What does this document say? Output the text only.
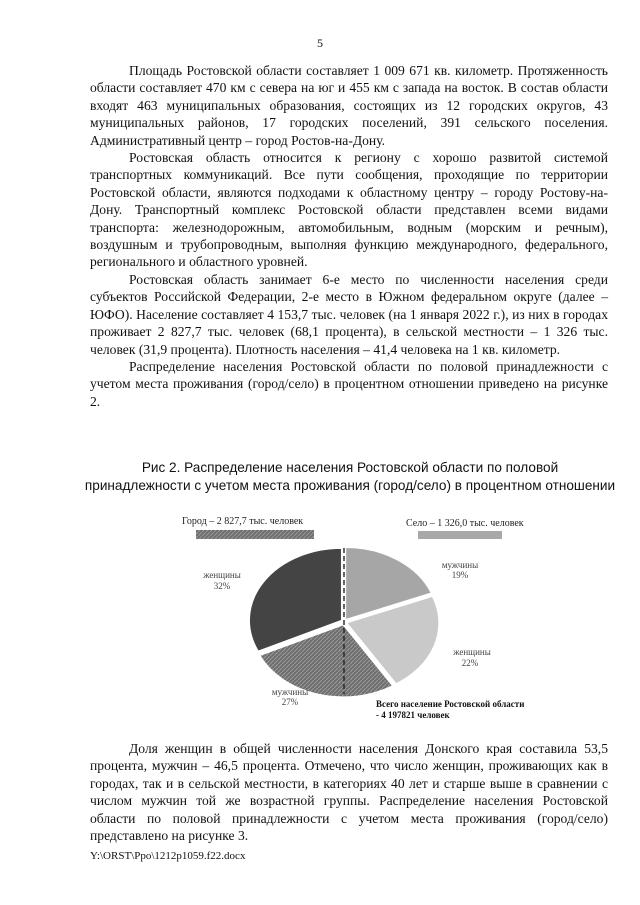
5

Площадь Ростовской области составляет 1 009 671 кв. километр. Протяженность области составляет 470 км с севера на юг и 455 км с запада на восток. В состав области входят 463 муниципальных образования, состоящих из 12 городских округов, 43 муниципальных районов, 17 городских поселений, 391 сельского поселения. Административный центр – город Ростов-на-Дону.

Ростовская область относится к региону с хорошо развитой системой транспортных коммуникаций. Все пути сообщения, проходящие по территории Ростовской области, являются подходами к областному центру – городу Ростову-на-Дону. Транспортный комплекс Ростовской области представлен всеми видами транспорта: железнодорожным, автомобильным, водным (морским и речным), воздушным и трубопроводным, выполняя функцию международного, федерального, регионального и областного уровней.

Ростовская область занимает 6-е место по численности населения среди субъектов Российской Федерации, 2-е место в Южном федеральном округе (далее – ЮФО). Население составляет 4 153,7 тыс. человек (на 1 января 2022 г.), из них в городах проживает 2 827,7 тыс. человек (68,1 процента), в сельской местности – 1 326 тыс. человек (31,9 процента). Плотность населения – 41,4 человека на 1 кв. километр.

Распределение населения Ростовской области по половой принадлежности с учетом места проживания (город/село) в процентном отношении приведено на рисунке 2.

Рис 2. Распределение населения Ростовской области по половой
принадлежности с учетом места проживания (город/село) в процентном отношении
Город – 2 827,7 тыс. человек	Село – 1 326,0 тыс. человек
мужчины
19%
женщины
22%
мужчины
27%
женщины
32%
Всего население Ростовской области
- 4 197821 человек

Доля женщин в общей численности населения Донского края составила 53,5 процента, мужчин – 46,5 процента. Отмечено, что число женщин, проживающих как в городах, так и в сельской местности, в категориях 40 лет и старше выше в сравнении с числом мужчин той же возрастной группы. Распределение населения Ростовской области по половой принадлежности с учетом места проживания (город/село) представлено на рисунке 3.

Y:\ORST\Ppo\1212p1059.f22.docx
